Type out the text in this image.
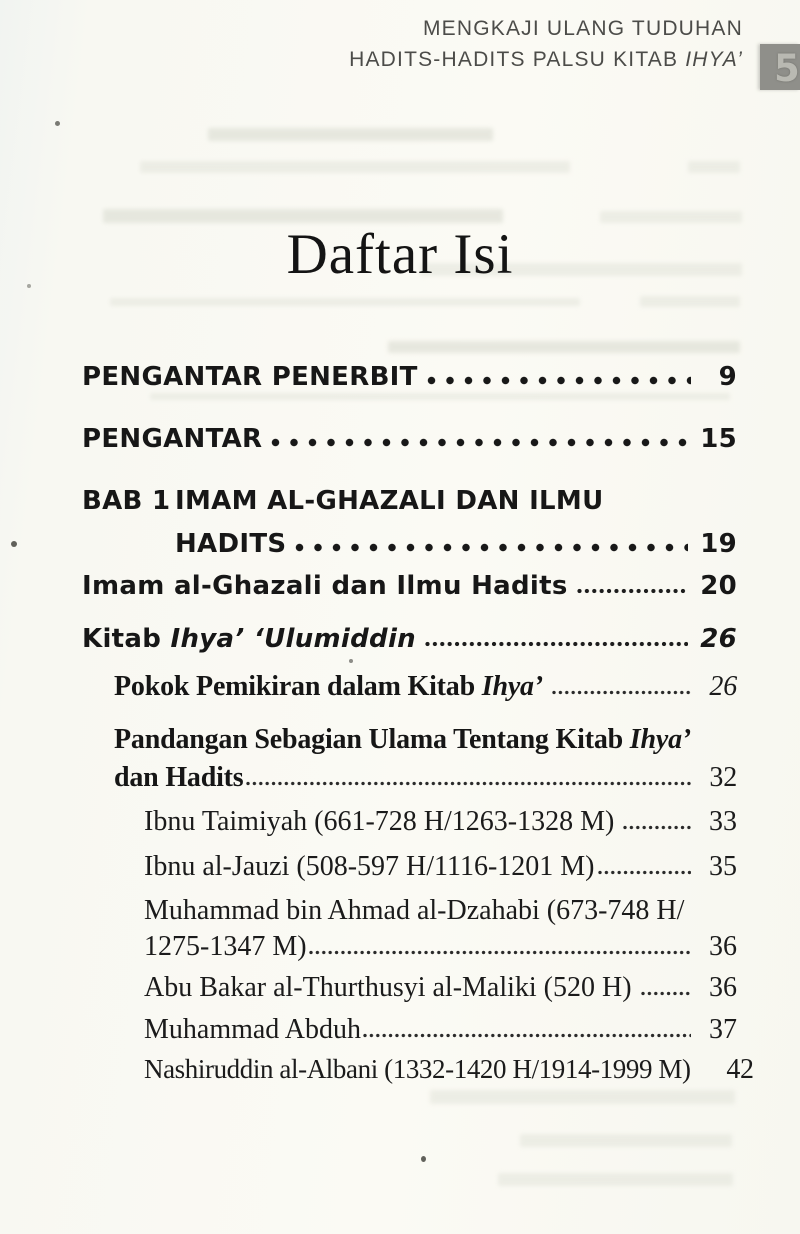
MENGKAJI ULANG TUDUHAN
HADITS-HADITS PALSU KITAB IHYA’ 5
Daftar Isi
PENGANTAR PENERBIT	9
PENGANTAR	15
BAB 1 IMAM AL-GHAZALI DAN ILMU
HADITS	19
Imam al-Ghazali dan Ilmu Hadits	20
Kitab Ihya’ ‘Ulumiddin	26
Pokok Pemikiran dalam Kitab Ihya’	26
Pandangan Sebagian Ulama Tentang Kitab Ihya’
dan Hadits	32
Ibnu Taimiyah (661-728 H/1263-1328 M)	33
Ibnu al-Jauzi (508-597 H/1116-1201 M)	35
Muhammad bin Ahmad al-Dzahabi (673-748 H/
1275-1347 M)	36
Abu Bakar al-Thurthusyi al-Maliki (520 H)	36
Muhammad Abduh	37
Nashiruddin al-Albani (1332-1420 H/1914-1999 M) 42
